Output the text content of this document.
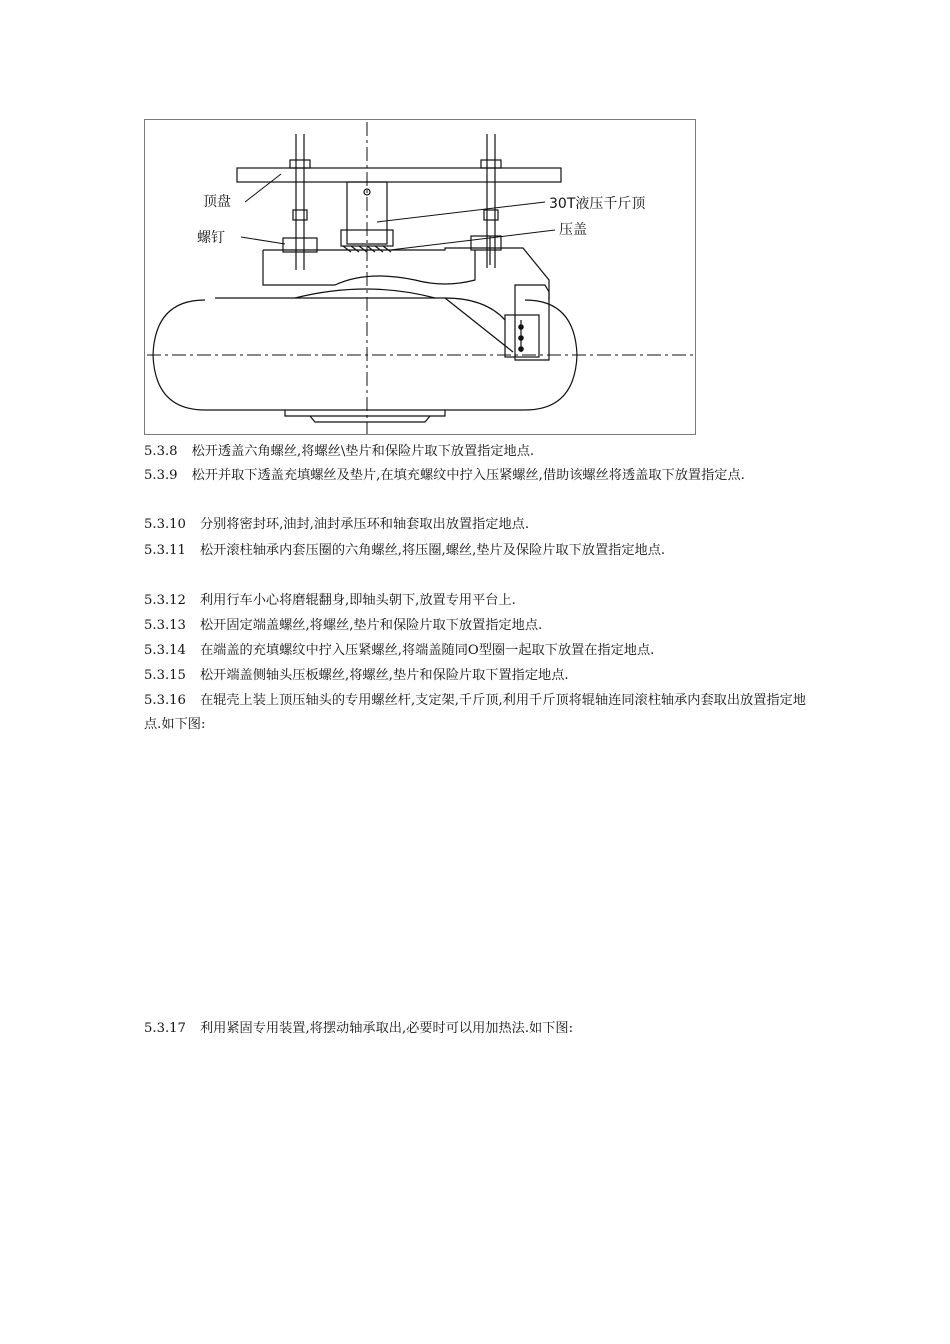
顶盘
螺钉
30T液压千斤顶
压盖

5.3.8 松开透盖六角螺丝,将螺丝\垫片和保险片取下放置指定地点.

5.3.9 松开并取下透盖充填螺丝及垫片,在填充螺纹中拧入压紧螺丝,借助该螺丝将透盖取下放置指定点.

5.3.10 分别将密封环,油封,油封承压环和轴套取出放置指定地点.

5.3.11 松开滚柱轴承内套压圈的六角螺丝,将压圈,螺丝,垫片及保险片取下放置指定地点.

5.3.12 利用行车小心将磨辊翻身,即轴头朝下,放置专用平台上.

5.3.13 松开固定端盖螺丝,将螺丝,垫片和保险片取下放置指定地点.

5.3.14 在端盖的充填螺纹中拧入压紧螺丝,将端盖随同O型圈一起取下放置在指定地点.

5.3.15 松开端盖侧轴头压板螺丝,将螺丝,垫片和保险片取下置指定地点.

5.3.16 在辊壳上装上顶压轴头的专用螺丝杆,支定架,千斤顶,利用千斤顶将辊轴连同滚柱轴承内套取出放置指定地点.如下图:

5.3.17 利用紧固专用装置,将摆动轴承取出,必要时可以用加热法.如下图:
